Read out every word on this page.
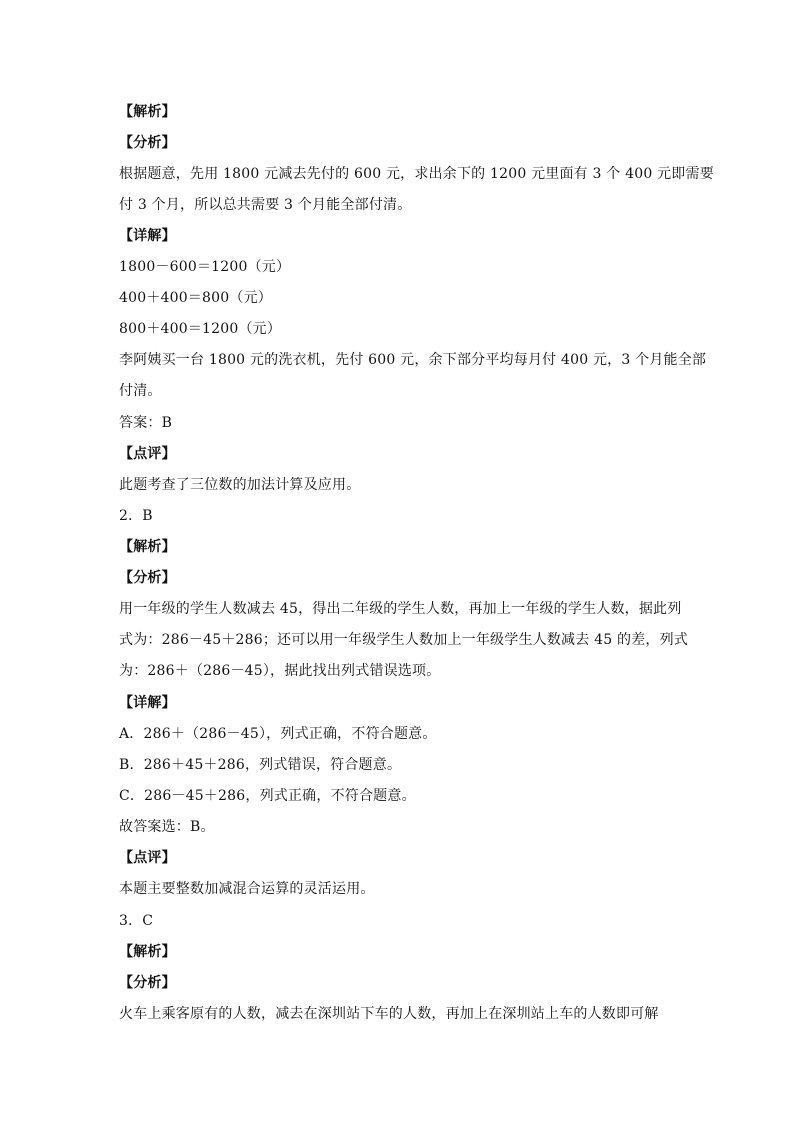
【解析】
【分析】
根据题意，先用 1800 元减去先付的 600 元，求出余下的 1200 元里面有 3 个 400 元即需要
付 3 个月，所以总共需要 3 个月能全部付清。
【详解】
1800－600＝1200（元）
400＋400＝800（元）
800＋400＝1200（元）
李阿姨买一台 1800 元的洗衣机，先付 600 元，余下部分平均每月付 400 元，3 个月能全部
付清。
答案：B
【点评】
此题考查了三位数的加法计算及应用。
2．B
【解析】
【分析】
用一年级的学生人数减去 45，得出二年级的学生人数，再加上一年级的学生人数，据此列
式为：286－45＋286；还可以用一年级学生人数加上一年级学生人数减去 45 的差，列式
为：286＋（286－45），据此找出列式错误选项。
【详解】
A．286＋（286－45），列式正确，不符合题意。
B．286＋45＋286，列式错误，符合题意。
C．286－45＋286，列式正确，不符合题意。
故答案选：B。
【点评】
本题主要整数加减混合运算的灵活运用。
3．C
【解析】
【分析】
火车上乘客原有的人数，减去在深圳站下车的人数，再加上在深圳站上车的人数即可解
